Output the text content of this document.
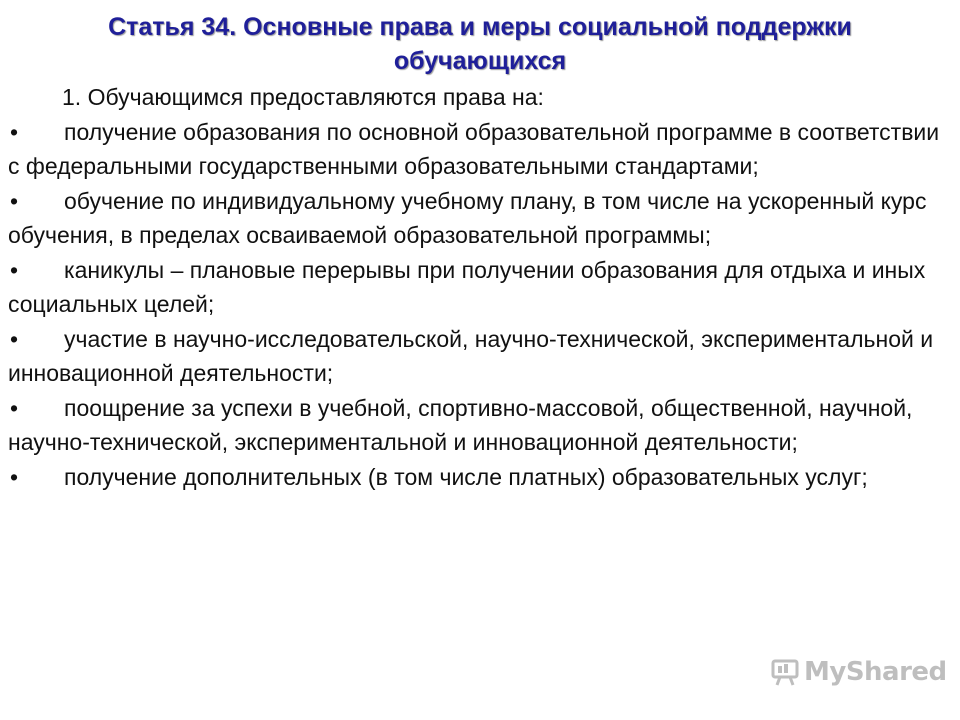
Статья 34. Основные права и меры социальной поддержки
обучающихся
1. Обучающимся предоставляются права на:
• получение образования по основной образовательной программе в соответствии с федеральными государственными образовательными стандартами;
• обучение по индивидуальному учебному плану, в том числе на ускоренный курс обучения, в пределах осваиваемой образовательной программы;
• каникулы – плановые перерывы при получении образования для отдыха и иных социальных целей;
• участие в научно-исследовательской, научно-технической, экспериментальной и инновационной деятельности;
• поощрение за успехи в учебной, спортивно-массовой, общественной, научной, научно-технической, экспериментальной и инновационной деятельности;
• получение дополнительных (в том числе платных) образовательных услуг;
MyShared
